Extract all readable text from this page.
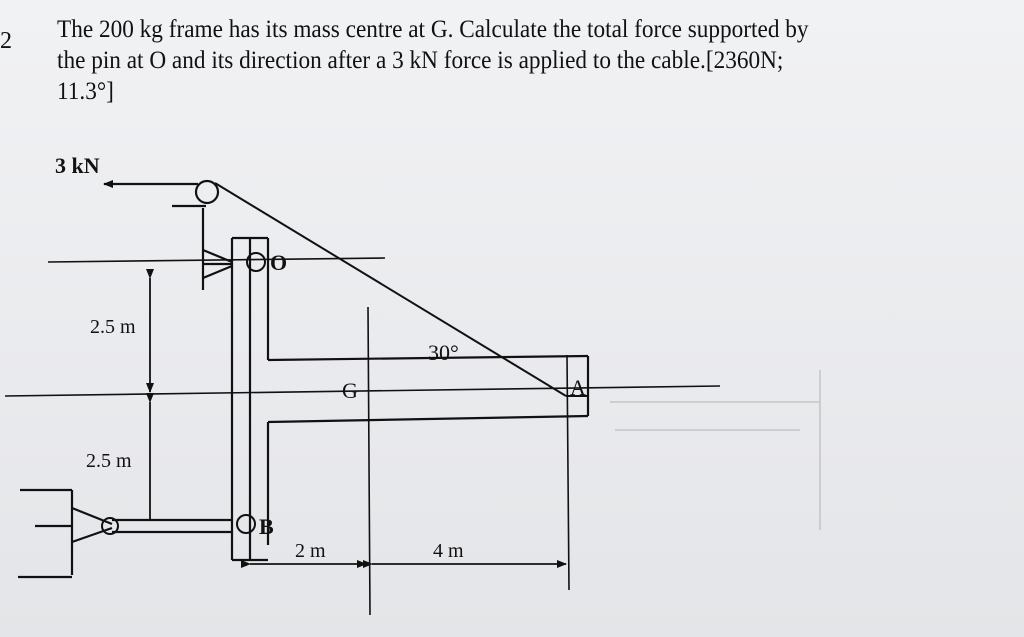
2 The 200 kg frame has its mass centre at G. Calculate the total force supported by
the pin at O and its direction after a 3 kN force is applied to the cable.[2360N;
11.3°]
3 kN
O
B
G	A
30°
2.5 m
2.5 m
2 m	4 m
